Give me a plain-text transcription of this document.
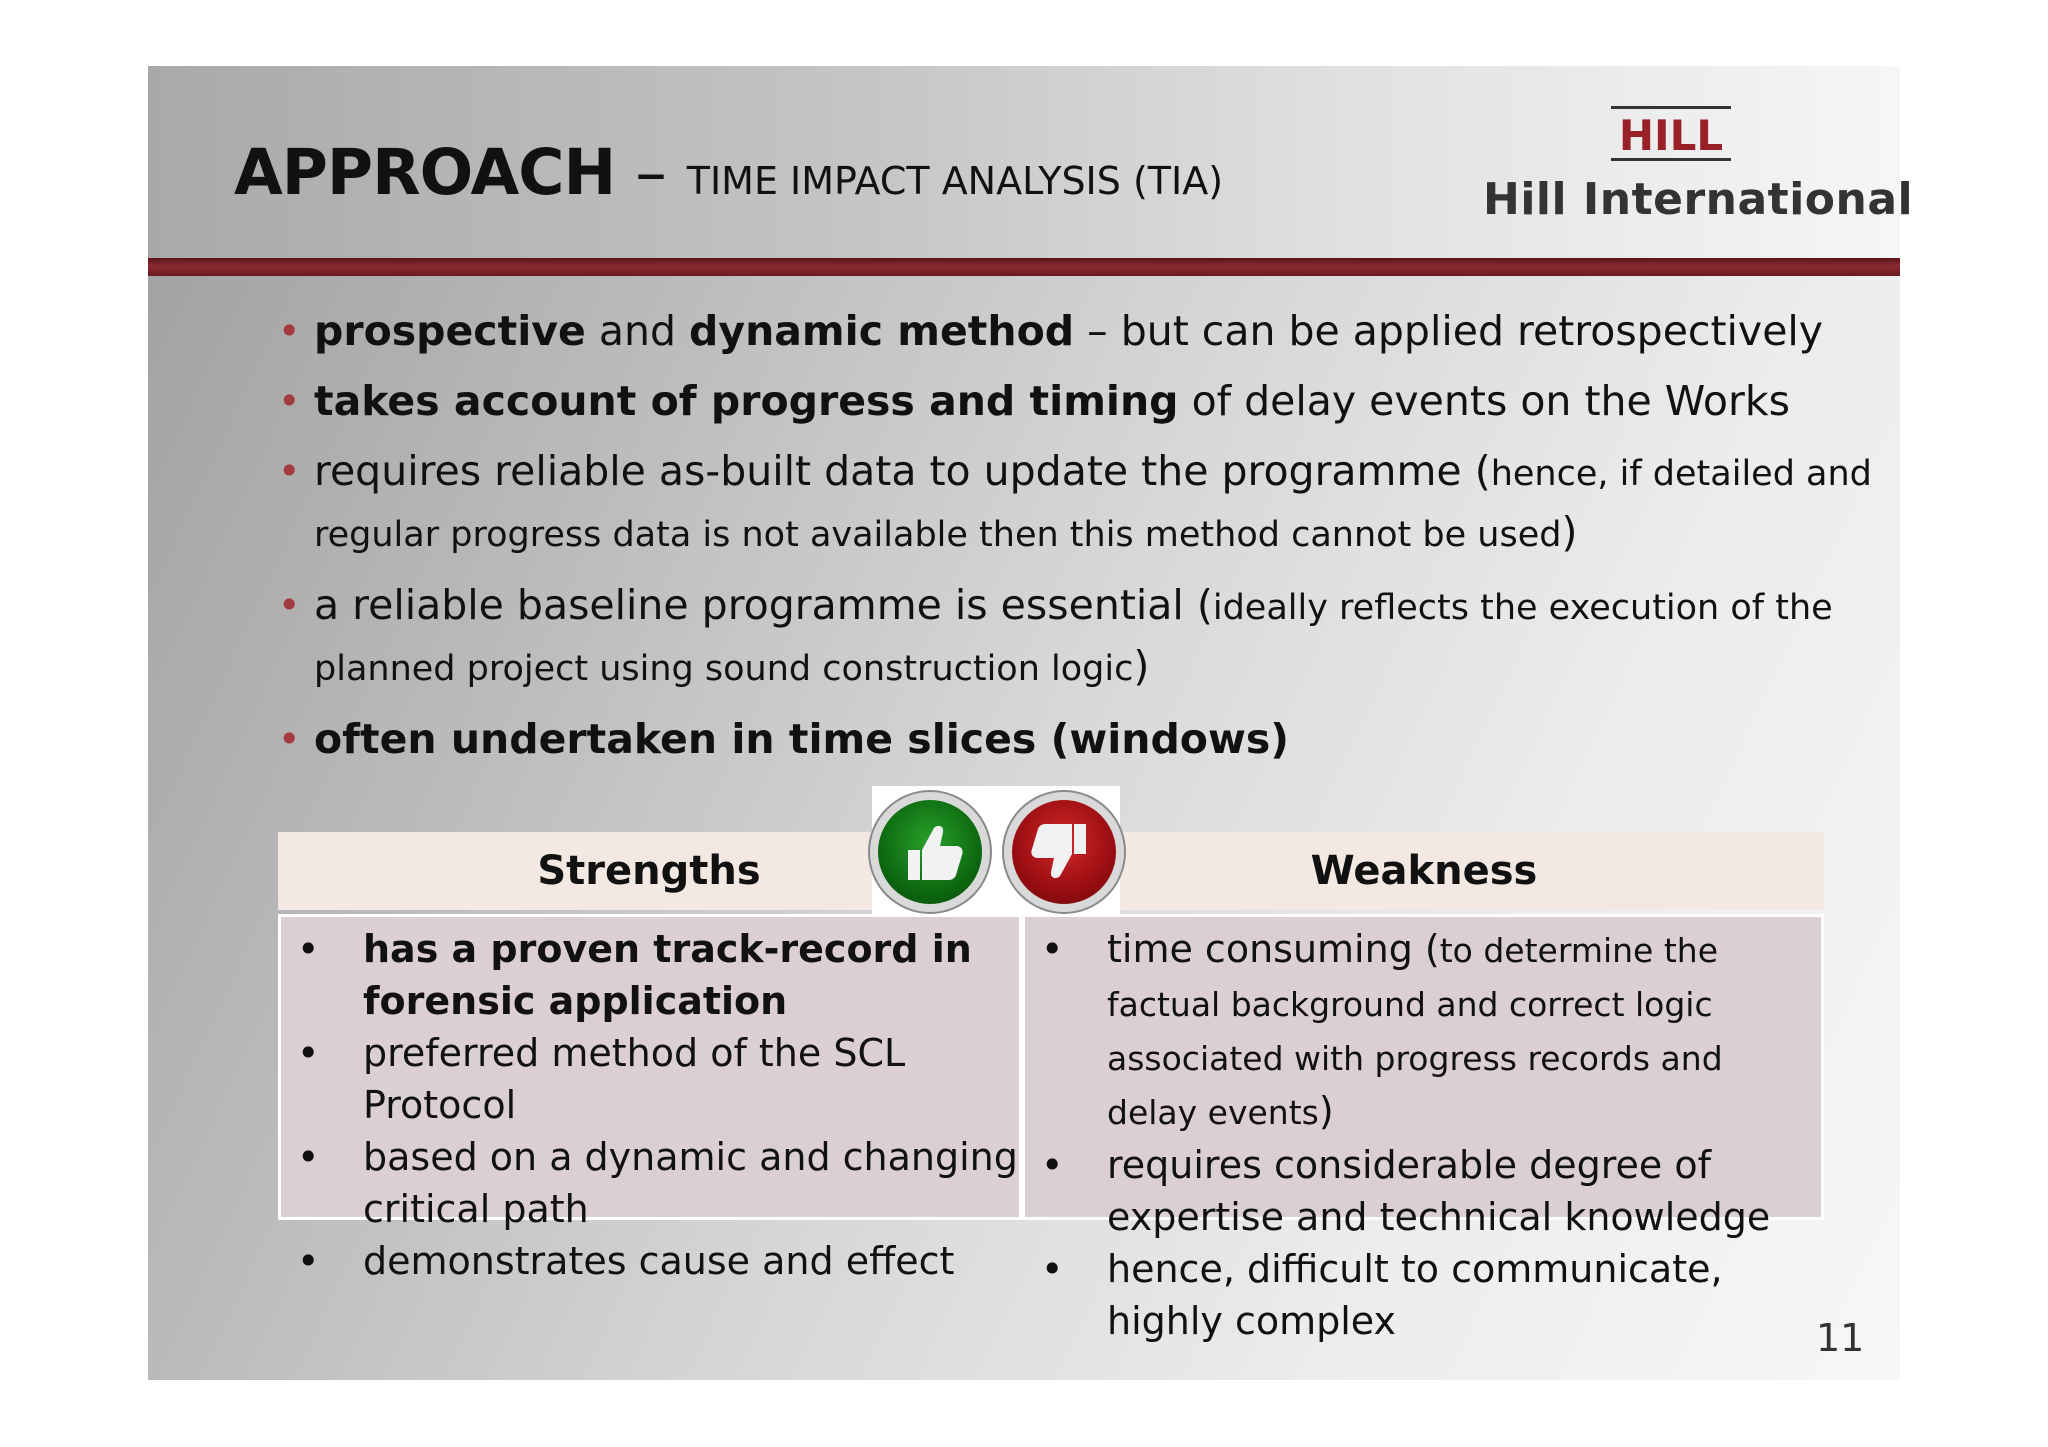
APPROACH – TIME IMPACT ANALYSIS (TIA)
HILL
Hill International
• prospective and dynamic method – but can be applied retrospectively
• takes account of progress and timing of delay events on the Works
• requires reliable as-built data to update the programme (hence, if detailed and regular progress data is not available then this method cannot be used)
• a reliable baseline programme is essential (ideally reflects the execution of the planned project using sound construction logic)
• often undertaken in time slices (windows)
Strengths	Weakness
• has a proven track-record in forensic application
• preferred method of the SCL Protocol
• based on a dynamic and changing critical path
• demonstrates cause and effect
• time consuming (to determine the factual background and correct logic associated with progress records and delay events)
• requires considerable degree of expertise and technical knowledge
• hence, difficult to communicate, highly complex	11
